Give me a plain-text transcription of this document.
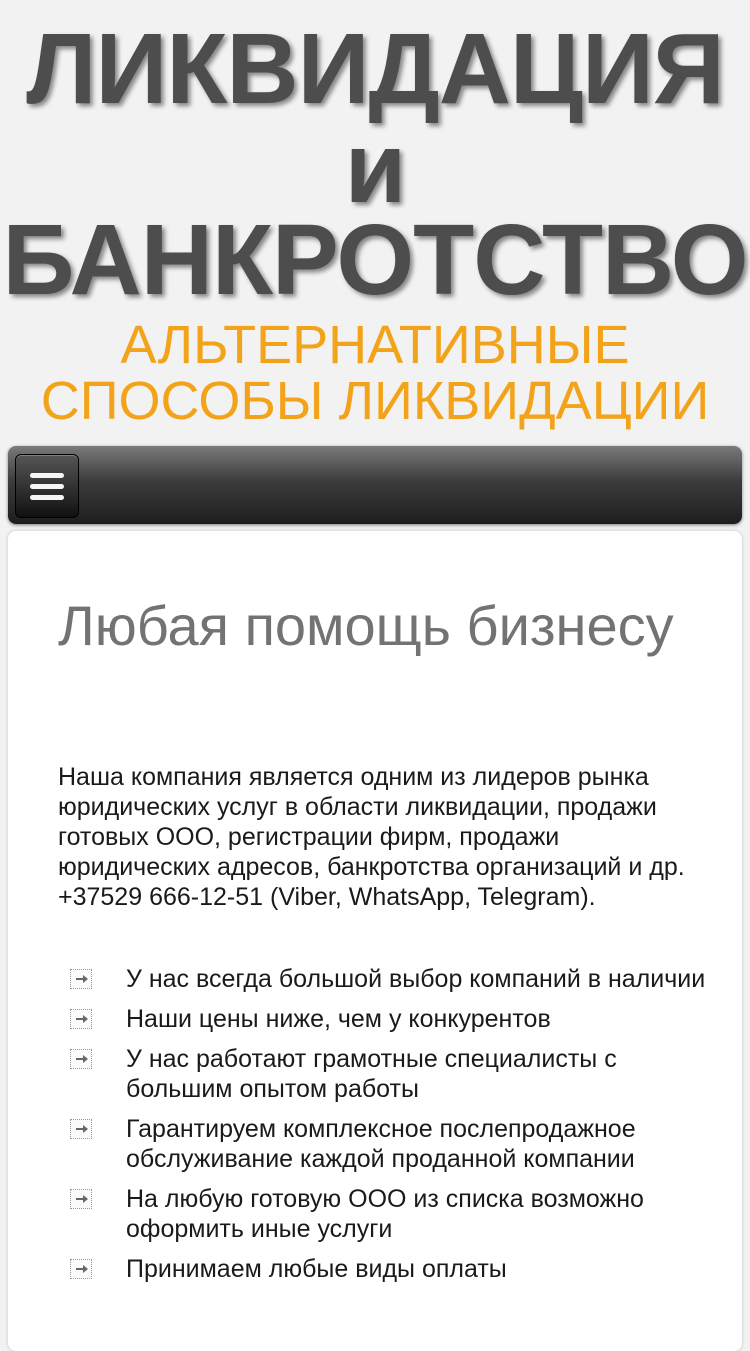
ЛИКВИДАЦИЯ
и
БАНКРОТСТВО
АЛЬТЕРНАТИВНЫЕ
СПОСОБЫ ЛИКВИДАЦИИ
Любая помощь бизнесу

Наша компания является одним из лидеров рынка юридических услуг в области ликвидации, продажи готовых ООО, регистрации фирм, продажи юридических адресов, банкротства организаций и др. +37529 666-12-51 (Viber, WhatsApp, Telegram).

У нас всегда большой выбор компаний в наличии
Наши цены ниже, чем у конкурентов
У нас работают грамотные специалисты с большим опытом работы
Гарантируем комплексное послепродажное обслуживание каждой проданной компании
На любую готовую ООО из списка возможно оформить иные услуги
Принимаем любые виды оплаты
